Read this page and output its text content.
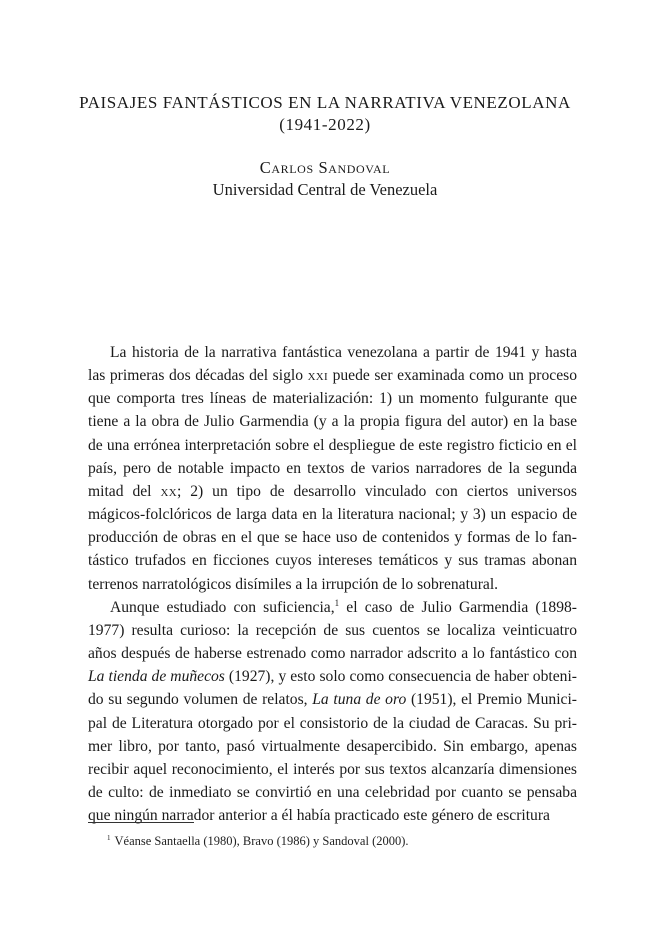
PAISAJES FANTÁSTICOS EN LA NARRATIVA VENEZOLANA
(1941-2022)
Carlos Sandoval
Universidad Central de Venezuela

La historia de la narrativa fantástica venezolana a partir de 1941 y hasta las primeras dos décadas del siglo xxi puede ser examinada como un proceso que comporta tres líneas de materialización: 1) un momento fulgurante que tiene a la obra de Julio Garmendia (y a la propia figura del autor) en la base de una errónea interpretación sobre el despliegue de este registro ficticio en el país, pero de notable impacto en textos de varios narradores de la segunda mitad del xx; 2) un tipo de desarrollo vinculado con ciertos universos mágicos-folclóricos de larga data en la literatura nacional; y 3) un espacio de producción de obras en el que se hace uso de contenidos y formas de lo fantástico trufados en ficciones cuyos intereses temáticos y sus tramas abonan terrenos narratológicos disímiles a la irrupción de lo sobrenatural.

Aunque estudiado con suficiencia,$^1$ el caso de Julio Garmendia (1898-1977) resulta curioso: la recepción de sus cuentos se localiza veinticuatro años después de haberse estrenado como narrador adscrito a lo fantástico con La tienda de muñecos (1927), y esto solo como consecuencia de haber obtenido su segundo volumen de relatos, La tuna de oro (1951), el Premio Municipal de Literatura otorgado por el consistorio de la ciudad de Caracas. Su primer libro, por tanto, pasó virtualmente desapercibido. Sin embargo, apenas recibir aquel reconocimiento, el interés por sus textos alcanzaría dimensiones de culto: de inmediato se convirtió en una celebridad por cuanto se pensaba que ningún narrador anterior a él había practicado este género de escritura

$^1$ Véanse Santaella (1980), Bravo (1986) y Sandoval (2000).
